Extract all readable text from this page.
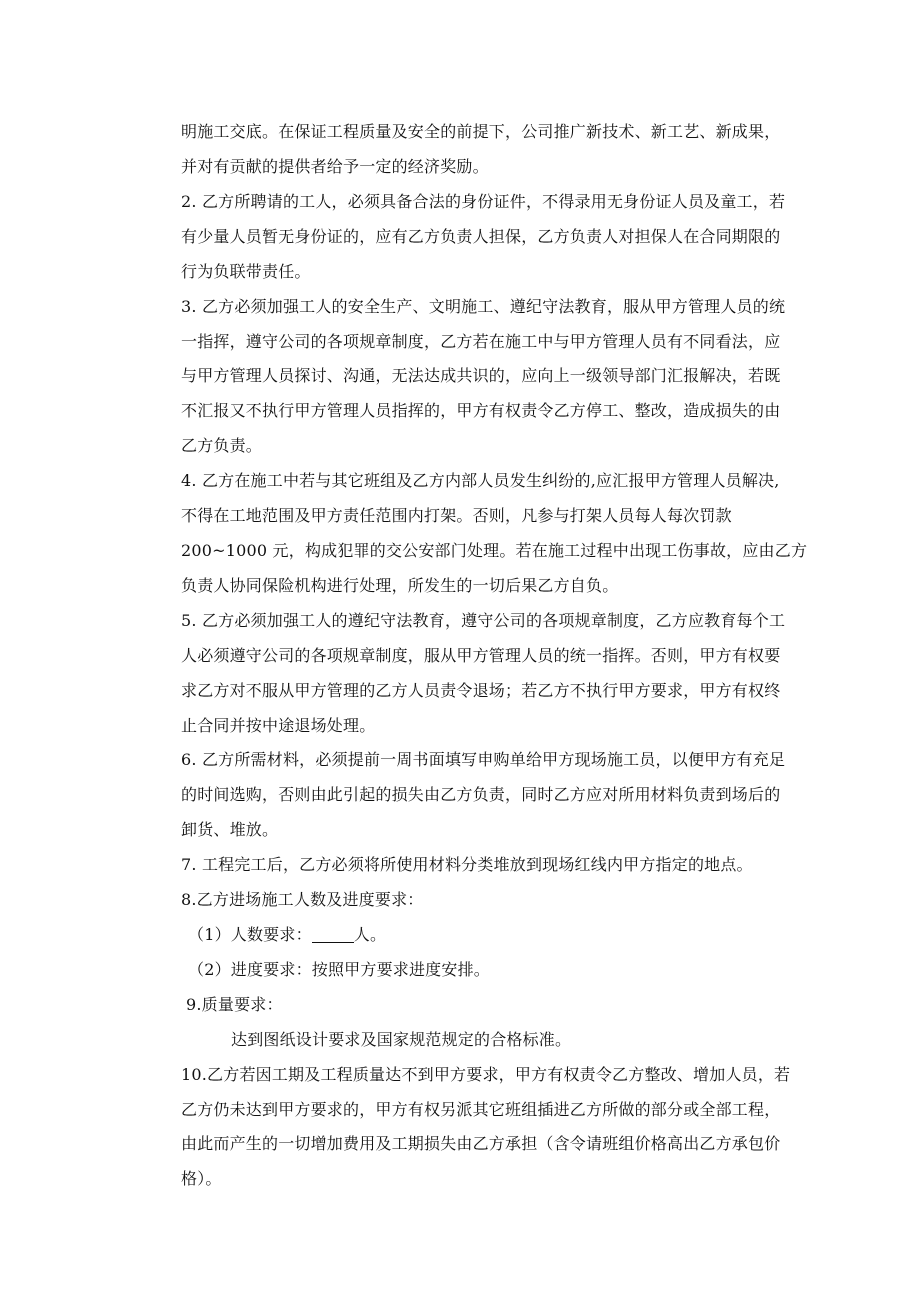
明施工交底。在保证工程质量及安全的前提下，公司推广新技术、新工艺、新成果，
并对有贡献的提供者给予一定的经济奖励。
2. 乙方所聘请的工人，必须具备合法的身份证件，不得录用无身份证人员及童工，若
有少量人员暂无身份证的，应有乙方负责人担保，乙方负责人对担保人在合同期限的
行为负联带责任。
3. 乙方必须加强工人的安全生产、文明施工、遵纪守法教育，服从甲方管理人员的统
一指挥，遵守公司的各项规章制度，乙方若在施工中与甲方管理人员有不同看法，应
与甲方管理人员探讨、沟通，无法达成共识的，应向上一级领导部门汇报解决，若既
不汇报又不执行甲方管理人员指挥的，甲方有权责令乙方停工、整改，造成损失的由
乙方负责。
4. 乙方在施工中若与其它班组及乙方内部人员发生纠纷的,应汇报甲方管理人员解决,
不得在工地范围及甲方责任范围内打架。否则，凡参与打架人员每人每次罚款
200~1000 元，构成犯罪的交公安部门处理。若在施工过程中出现工伤事故，应由乙方
负责人协同保险机构进行处理，所发生的一切后果乙方自负。
5. 乙方必须加强工人的遵纪守法教育，遵守公司的各项规章制度，乙方应教育每个工
人必须遵守公司的各项规章制度，服从甲方管理人员的统一指挥。否则，甲方有权要
求乙方对不服从甲方管理的乙方人员责令退场；若乙方不执行甲方要求，甲方有权终
止合同并按中途退场处理。
6. 乙方所需材料，必须提前一周书面填写申购单给甲方现场施工员，以便甲方有充足
的时间选购，否则由此引起的损失由乙方负责，同时乙方应对所用材料负责到场后的
卸货、堆放。
7. 工程完工后，乙方必须将所使用材料分类堆放到现场红线内甲方指定的地点。
8.乙方进场施工人数及进度要求：
（1）人数要求：	人。
（2）进度要求：按照甲方要求进度安排。
9.质量要求：
达到图纸设计要求及国家规范规定的合格标准。
10.乙方若因工期及工程质量达不到甲方要求，甲方有权责令乙方整改、增加人员，若
乙方仍未达到甲方要求的，甲方有权另派其它班组插进乙方所做的部分或全部工程，
由此而产生的一切增加费用及工期损失由乙方承担（含令请班组价格高出乙方承包价
格）。
